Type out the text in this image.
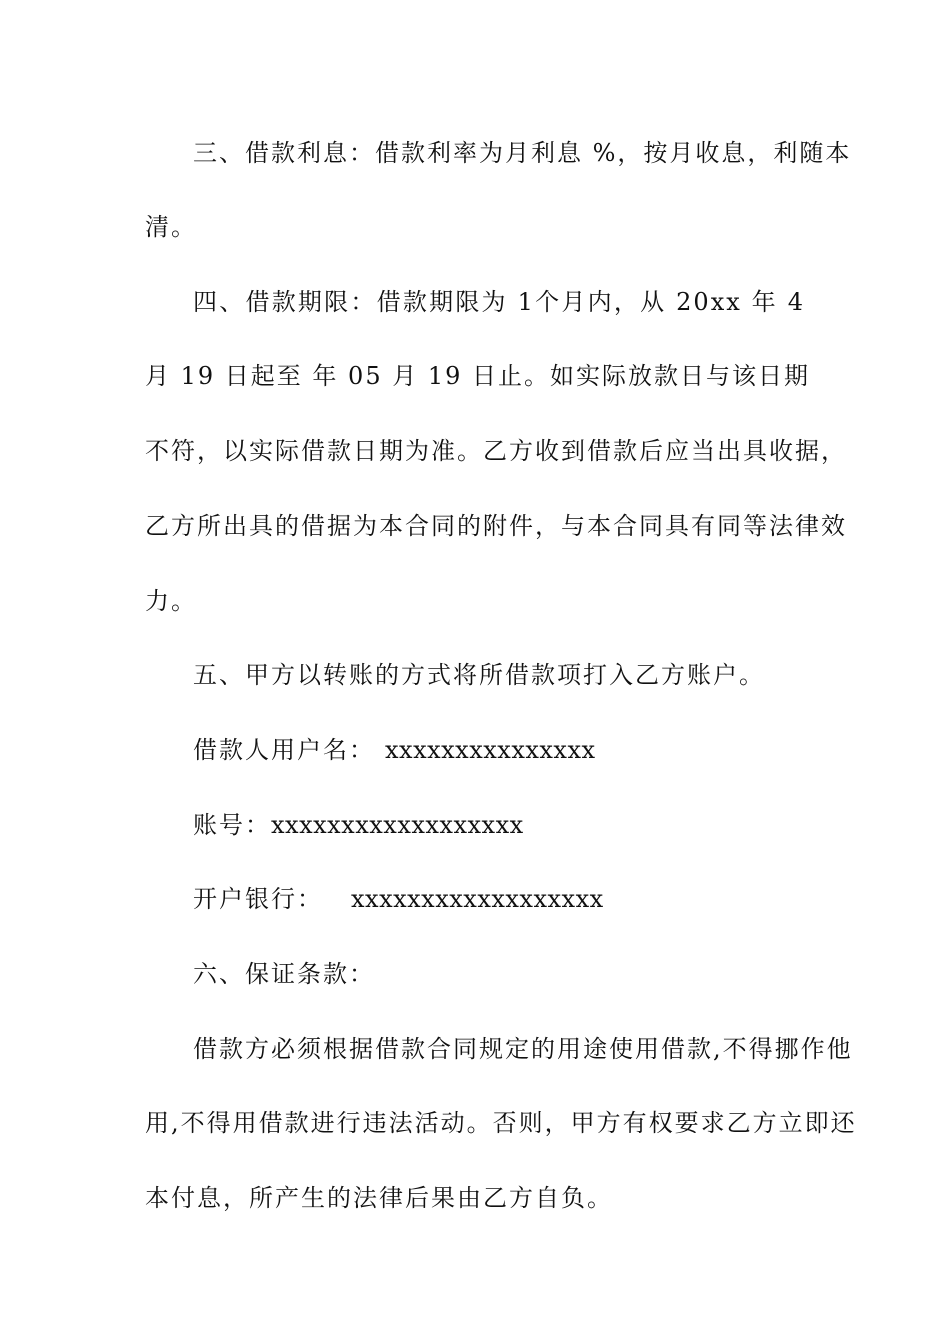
三、借款利息：借款利率为月利息 %，按月收息，利随本
清。
四、借款期限：借款期限为 1个月内，从 20xx 年 4
月 19 日起至 年 05 月 19 日止。如实际放款日与该日期
不符，以实际借款日期为准。乙方收到借款后应当出具收据，
乙方所出具的借据为本合同的附件，与本合同具有同等法律效
力。
五、甲方以转账的方式将所借款项打入乙方账户。
借款人用户名： xxxxxxxxxxxxxxx
账号：xxxxxxxxxxxxxxxxxx
开户银行： xxxxxxxxxxxxxxxxxx
六、保证条款：
借款方必须根据借款合同规定的用途使用借款,不得挪作他
用,不得用借款进行违法活动。否则，甲方有权要求乙方立即还
本付息，所产生的法律后果由乙方自负。
